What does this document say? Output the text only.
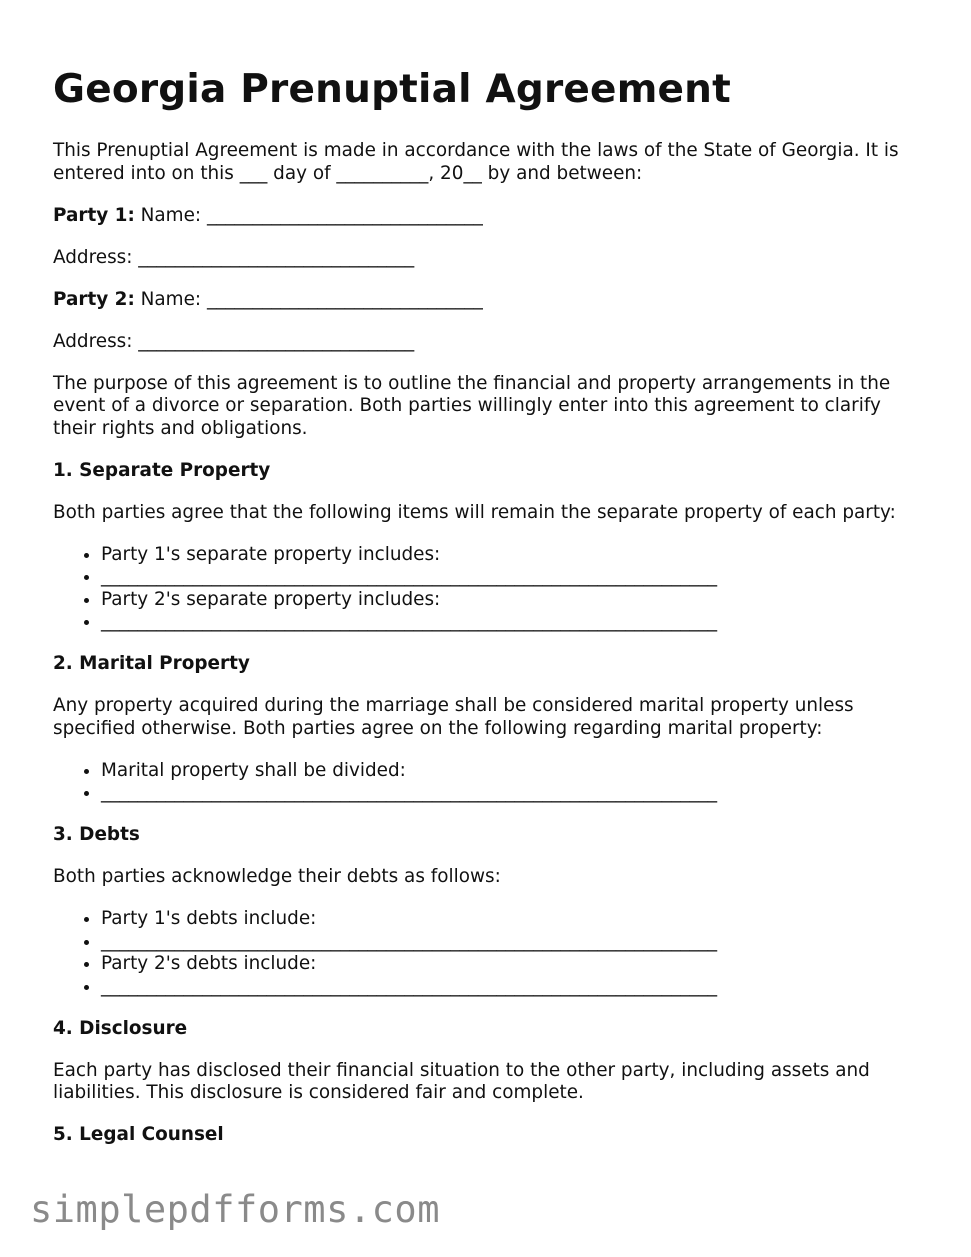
Georgia Prenuptial Agreement

This Prenuptial Agreement is made in accordance with the laws of the State of Georgia. It is entered into on this ___ day of __________, 20__ by and between:

Party 1: Name: ______________________________

Address: ______________________________

Party 2: Name: ______________________________

Address: ______________________________

The purpose of this agreement is to outline the financial and property arrangements in the event of a divorce or separation. Both parties willingly enter into this agreement to clarify their rights and obligations.

1. Separate Property

Both parties agree that the following items will remain the separate property of each party:

• Party 1's separate property includes:
• ___________________________________________________________________
• Party 2's separate property includes:
• ___________________________________________________________________
2. Marital Property

Any property acquired during the marriage shall be considered marital property unless specified otherwise. Both parties agree on the following regarding marital property:

• Marital property shall be divided:
• ___________________________________________________________________
3. Debts

Both parties acknowledge their debts as follows:

• Party 1's debts include:
• ___________________________________________________________________
• Party 2's debts include:
• ___________________________________________________________________
4. Disclosure

Each party has disclosed their financial situation to the other party, including assets and liabilities. This disclosure is considered fair and complete.

5. Legal Counsel
simplepdfforms.com
